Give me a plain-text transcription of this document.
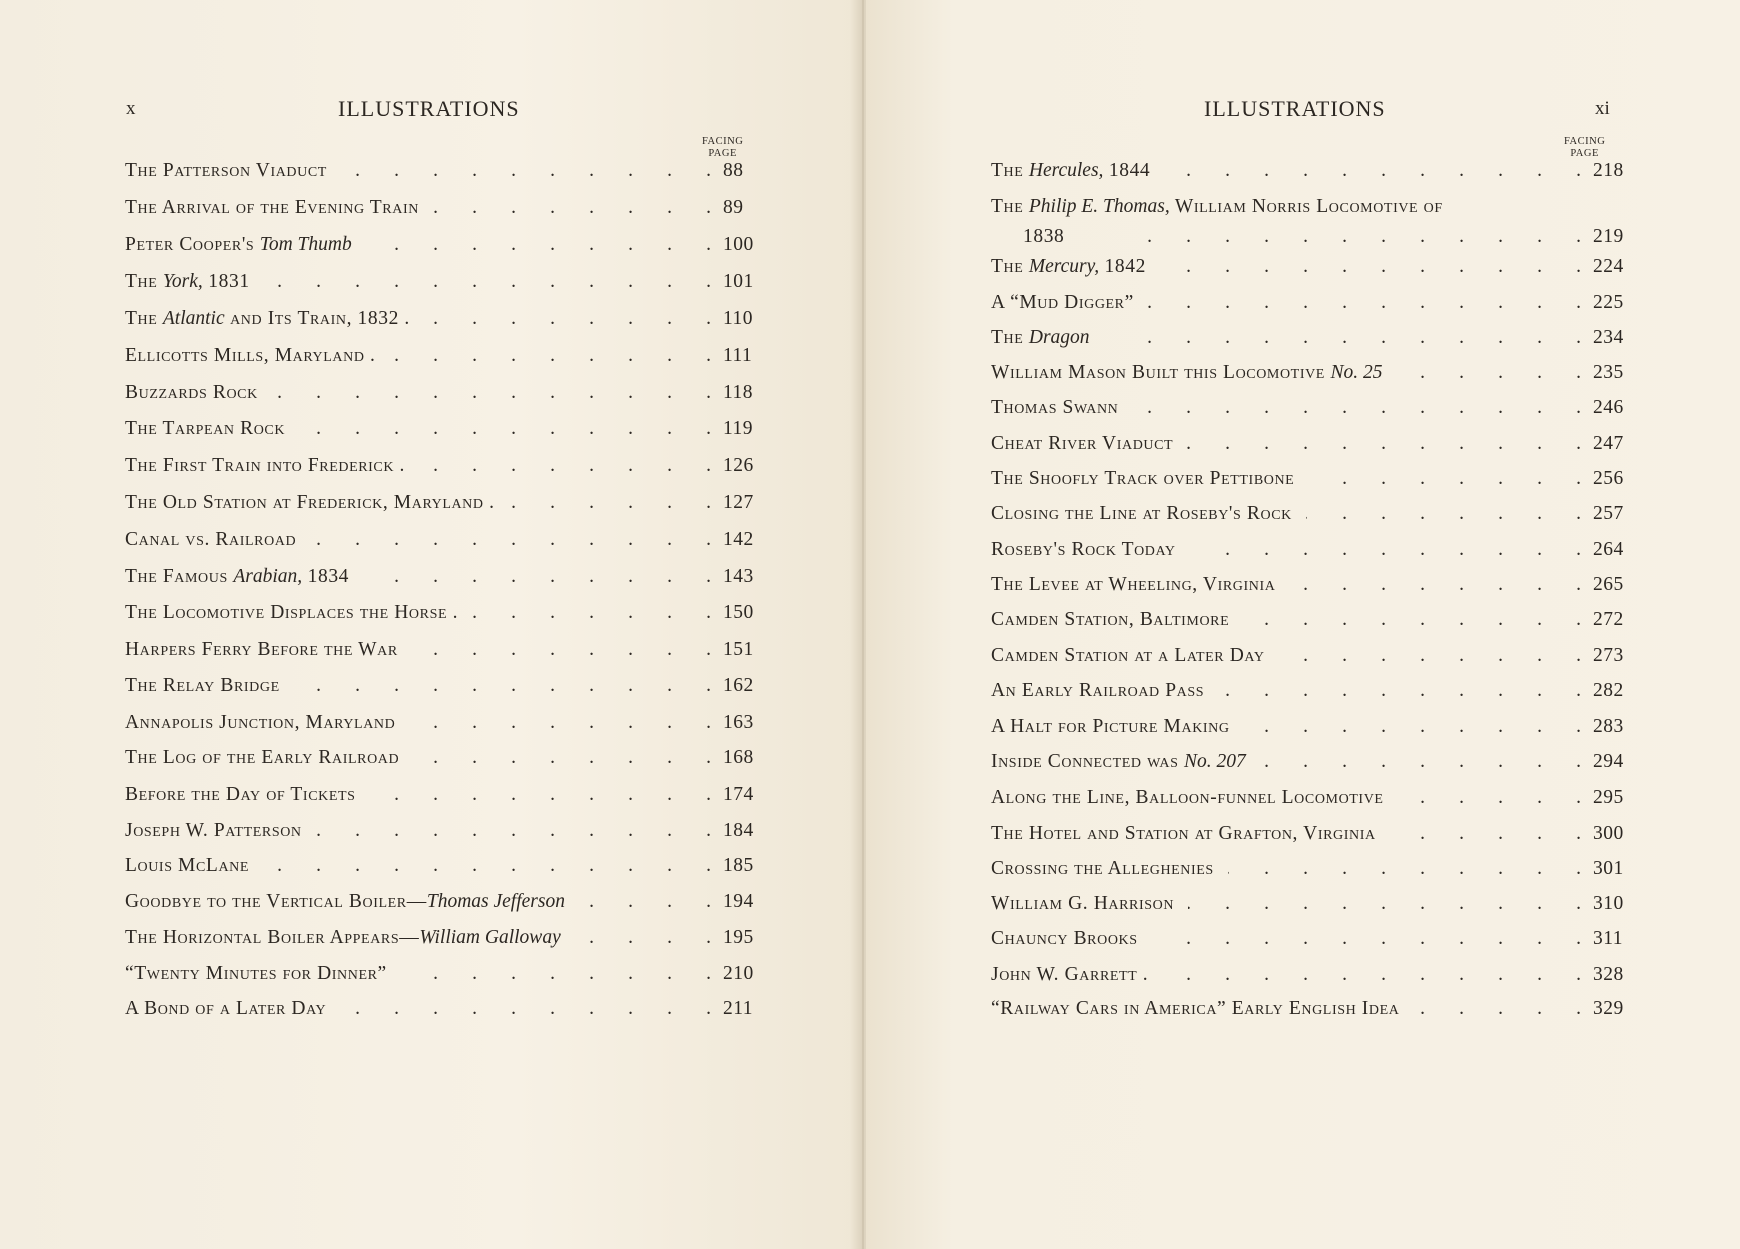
x	ILLUSTRATIONS
FACING
PAGE
The Patterson Viaduct	88
.
The Arrival of the Evening Train	89
.
Peter Cooper's Tom Thumb	100
.
The York, 1831	101
.
The Atlantic and Its Train, 1832 .	110
.
Ellicotts Mills, Maryland .	111
.
Buzzards Rock	118
.
The Tarpean Rock	119
.
The First Train into Frederick .	126
.
The Old Station at Frederick, Maryland .	127
.
Canal vs. Railroad	142
.
The Famous Arabian, 1834	143
.
The Locomotive Displaces the Horse .	150
.
Harpers Ferry Before the War	151
.
The Relay Bridge	162
.
Annapolis Junction, Maryland	163
.
The Log of the Early Railroad	168
.
Before the Day of Tickets	174
.
Joseph W. Patterson	184
.
Louis McLane	185
.
Goodbye to the Vertical Boiler—Thomas Jefferson	194
.
The Horizontal Boiler Appears—William Galloway	195
.
“Twenty Minutes for Dinner”	210
.
A Bond of a Later Day	211
.
ILLUSTRATIONS	xi
FACING
PAGE
The Hercules, 1844	218
.
The Philip E. Thomas, William Norris Locomotive of
1838	219
.
The Mercury, 1842	224
.
A “Mud Digger”	225
.
The Dragon	234
.
William Mason Built this Locomotive No. 25	235
.
Thomas Swann	246
.
Cheat River Viaduct	247
.
The Shoofly Track over Pettibone	256
.
Closing the Line at Roseby's Rock	257
.
Roseby's Rock Today	264
.
The Levee at Wheeling, Virginia	265
.
Camden Station, Baltimore	272
.
Camden Station at a Later Day	273
.
An Early Railroad Pass	282
.
A Halt for Picture Making	283
.
Inside Connected was No. 207	294
.
Along the Line, Balloon-funnel Locomotive	295
.
The Hotel and Station at Grafton, Virginia	300
.
Crossing the Alleghenies	301
.
William G. Harrison	310
.
Chauncy Brooks	311
.
John W. Garrett .	328
.
“Railway Cars in America” Early English Idea	329
.
